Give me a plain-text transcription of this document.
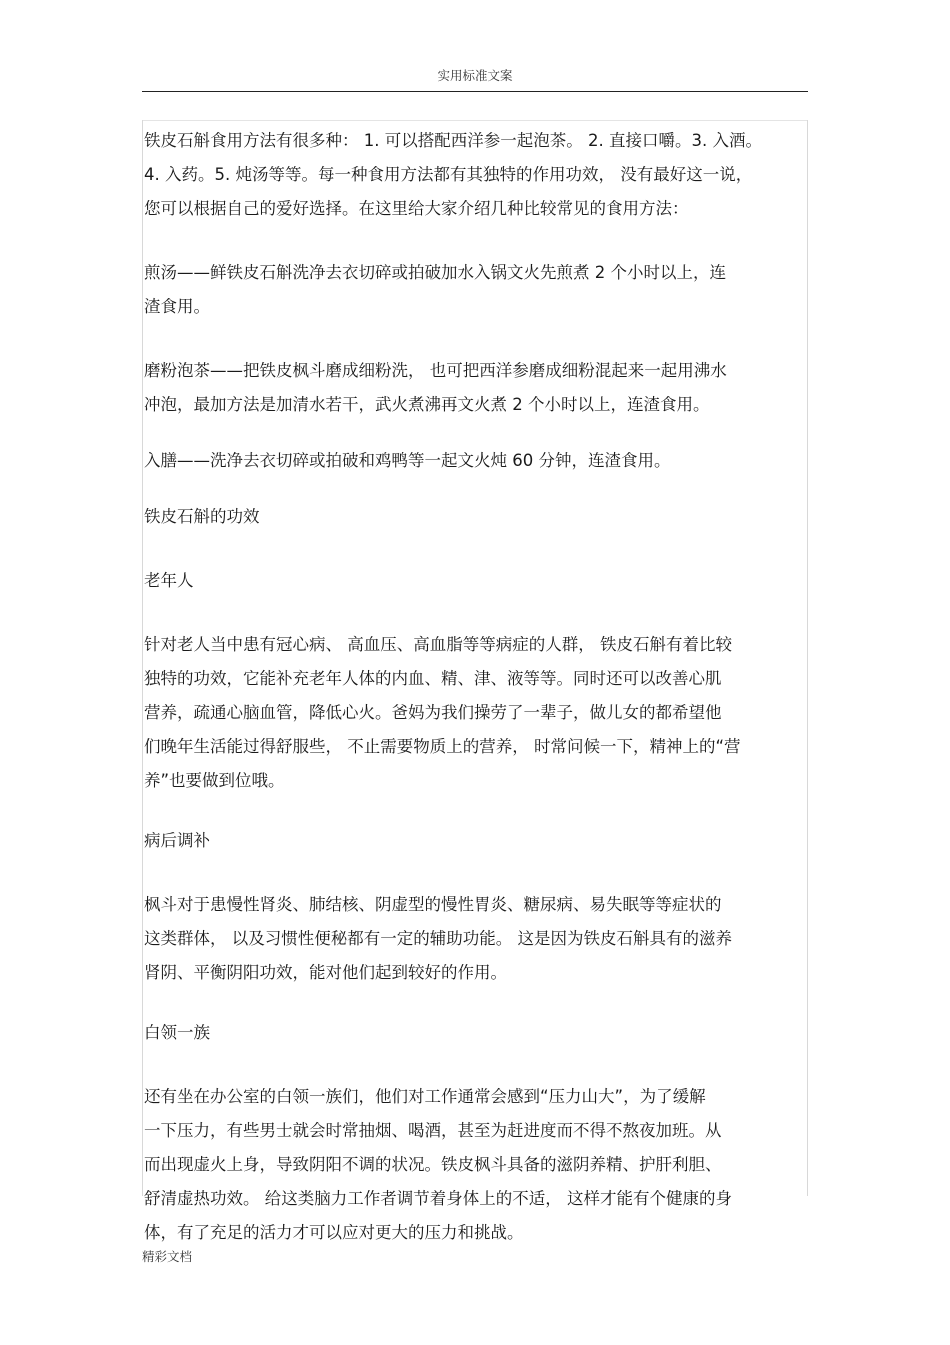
实用标准文案
铁皮石斛食用方法有很多种： 1. 可以搭配西洋参一起泡茶。 2. 直接口嚼。3. 入酒。
4. 入药。5. 炖汤等等。每一种食用方法都有其独特的作用功效， 没有最好这一说，
您可以根据自己的爱好选择。在这里给大家介绍几种比较常见的食用方法：
煎汤——鲜铁皮石斛洗净去衣切碎或拍破加水入锅文火先煎煮 2 个小时以上，连
渣食用。
磨粉泡茶——把铁皮枫斗磨成细粉洗， 也可把西洋参磨成细粉混起来一起用沸水
冲泡，最加方法是加清水若干，武火煮沸再文火煮 2 个小时以上，连渣食用。
入膳——洗净去衣切碎或拍破和鸡鸭等一起文火炖 60 分钟，连渣食用。
铁皮石斛的功效
老年人
针对老人当中患有冠心病、 高血压、高血脂等等病症的人群， 铁皮石斛有着比较
独特的功效，它能补充老年人体的内血、精、津、液等等。同时还可以改善心肌
营养，疏通心脑血管，降低心火。爸妈为我们操劳了一辈子，做儿女的都希望他
们晚年生活能过得舒服些， 不止需要物质上的营养， 时常问候一下，精神上的“营
养”也要做到位哦。
病后调补
枫斗对于患慢性肾炎、肺结核、阴虚型的慢性胃炎、糖尿病、易失眠等等症状的
这类群体， 以及习惯性便秘都有一定的辅助功能。 这是因为铁皮石斛具有的滋养
肾阴、平衡阴阳功效，能对他们起到较好的作用。
白领一族
还有坐在办公室的白领一族们，他们对工作通常会感到“压力山大”，为了缓解
一下压力，有些男士就会时常抽烟、喝酒，甚至为赶进度而不得不熬夜加班。从
而出现虚火上身，导致阴阳不调的状况。铁皮枫斗具备的滋阴养精、护肝利胆、
舒清虚热功效。 给这类脑力工作者调节着身体上的不适， 这样才能有个健康的身
体，有了充足的活力才可以应对更大的压力和挑战。
精彩文档
